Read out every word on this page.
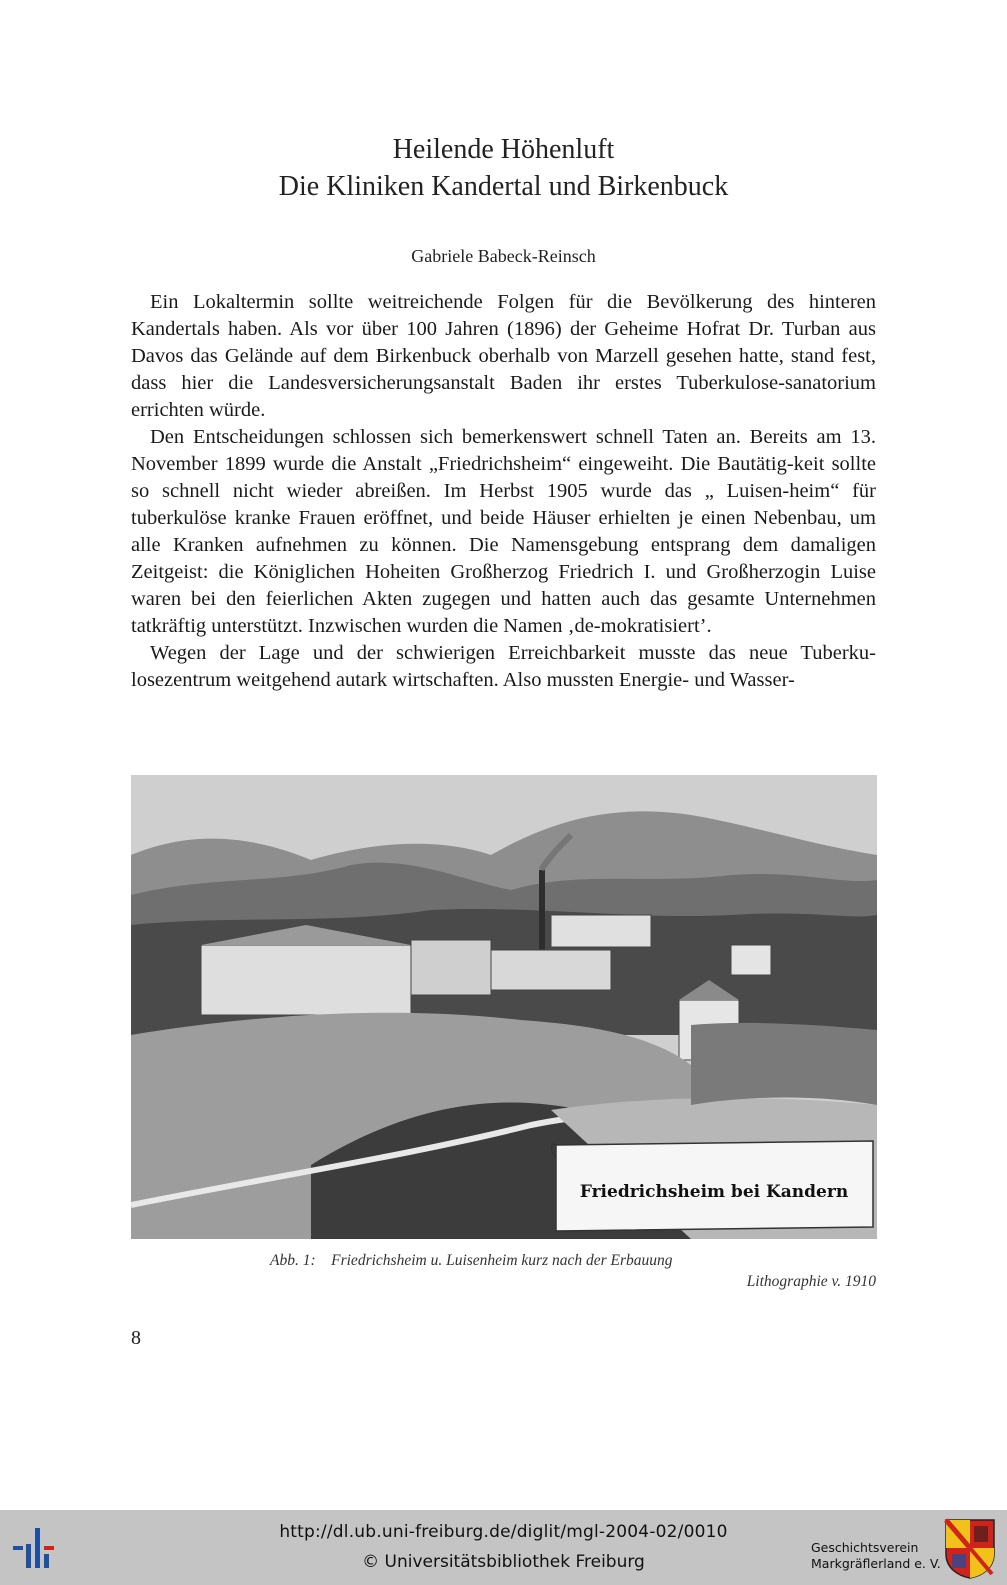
Heilende Höhenluft
Die Kliniken Kandertal und Birkenbuck
Gabriele Babeck-Reinsch

Ein Lokaltermin sollte weitreichende Folgen für die Bevölkerung des hinteren Kandertals haben. Als vor über 100 Jahren (1896) der Geheime Hofrat Dr. Turban aus Davos das Gelände auf dem Birkenbuck oberhalb von Marzell gesehen hatte, stand fest, dass hier die Landesversicherungsanstalt Baden ihr erstes Tuberkulose-sanatorium errichten würde.

Den Entscheidungen schlossen sich bemerkenswert schnell Taten an. Bereits am 13. November 1899 wurde die Anstalt „Friedrichsheim“ eingeweiht. Die Bautätig-keit sollte so schnell nicht wieder abreißen. Im Herbst 1905 wurde das „ Luisen-heim“ für tuberkulöse kranke Frauen eröffnet, und beide Häuser erhielten je einen Nebenbau, um alle Kranken aufnehmen zu können. Die Namensgebung entsprang dem damaligen Zeitgeist: die Königlichen Hoheiten Großherzog Friedrich I. und Großherzogin Luise waren bei den feierlichen Akten zugegen und hatten auch das gesamte Unternehmen tatkräftig unterstützt. Inzwischen wurden die Namen ‚de-mokratisiert’.

Wegen der Lage und der schwierigen Erreichbarkeit musste das neue Tuberku-losezentrum weitgehend autark wirtschaften. Also mussten Energie- und Wasser-

Friedrichsheim bei Kandern
Abb. 1:    Friedrichsheim u. Luisenheim kurz nach der Erbauung
Lithographie v. 1910
8
http://dl.ub.uni-freiburg.de/diglit/mgl-2004-02/0010
© Universitätsbibliothek Freiburg
Geschichtsverein
Markgräflerland e. V.
